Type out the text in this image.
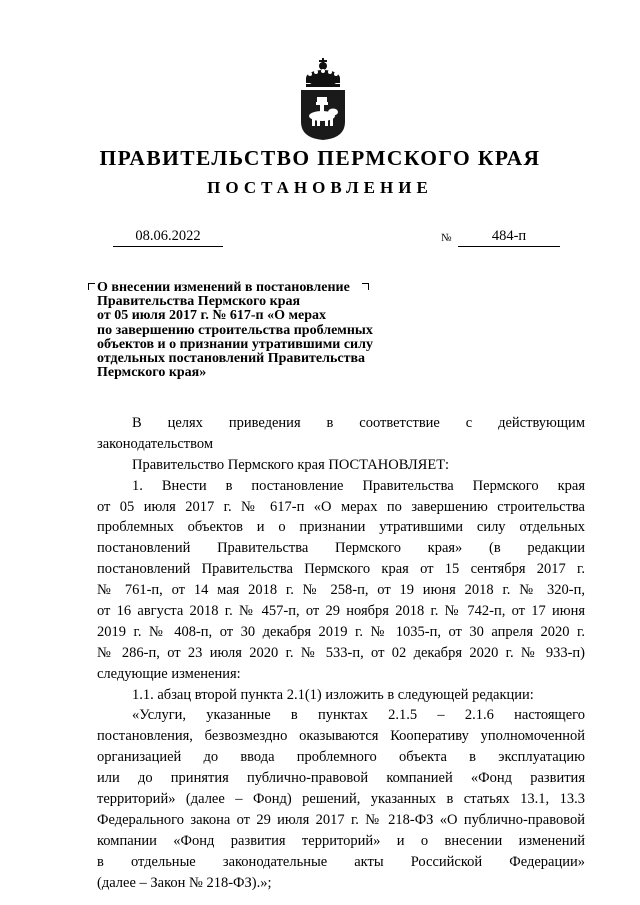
ПРАВИТЕЛЬСТВО ПЕРМСКОГО КРАЯ
ПОСТАНОВЛЕНИЕ
08.06.2022	№	484-п
О внесении изменений в постановление
Правительства Пермского края
от 05 июля 2017 г. № 617-п «О мерах
по завершению строительства проблемных
объектов и о признании утратившими силу
отдельных постановлений Правительства
Пермского края»
В целях приведения в соответствие с действующим
законодательством
Правительство Пермского края ПОСТАНОВЛЯЕТ:
1. Внести в постановление Правительства Пермского края
от 05 июля 2017 г. № 617-п «О мерах по завершению строительства
проблемных объектов и о признании утратившими силу отдельных
постановлений Правительства Пермского края» (в редакции
постановлений Правительства Пермского края от 15 сентября 2017 г.
№ 761-п, от 14 мая 2018 г. № 258-п, от 19 июня 2018 г. № 320-п,
от 16 августа 2018 г. № 457-п, от 29 ноября 2018 г. № 742-п, от 17 июня
2019 г. № 408-п, от 30 декабря 2019 г. № 1035-п, от 30 апреля 2020 г.
№ 286-п, от 23 июля 2020 г. № 533-п, от 02 декабря 2020 г. № 933-п)
следующие изменения:
1.1. абзац второй пункта 2.1(1) изложить в следующей редакции:
«Услуги, указанные в пунктах 2.1.5 – 2.1.6 настоящего
постановления, безвозмездно оказываются Кооперативу уполномоченной
организацией до ввода проблемного объекта в эксплуатацию
или до принятия публично-правовой компанией «Фонд развития
территорий» (далее – Фонд) решений, указанных в статьях 13.1, 13.3
Федерального закона от 29 июля 2017 г. № 218-ФЗ «О публично-правовой
компании «Фонд развития территорий» и о внесении изменений
в отдельные законодательные акты Российской Федерации»
(далее – Закон № 218-ФЗ).»;
